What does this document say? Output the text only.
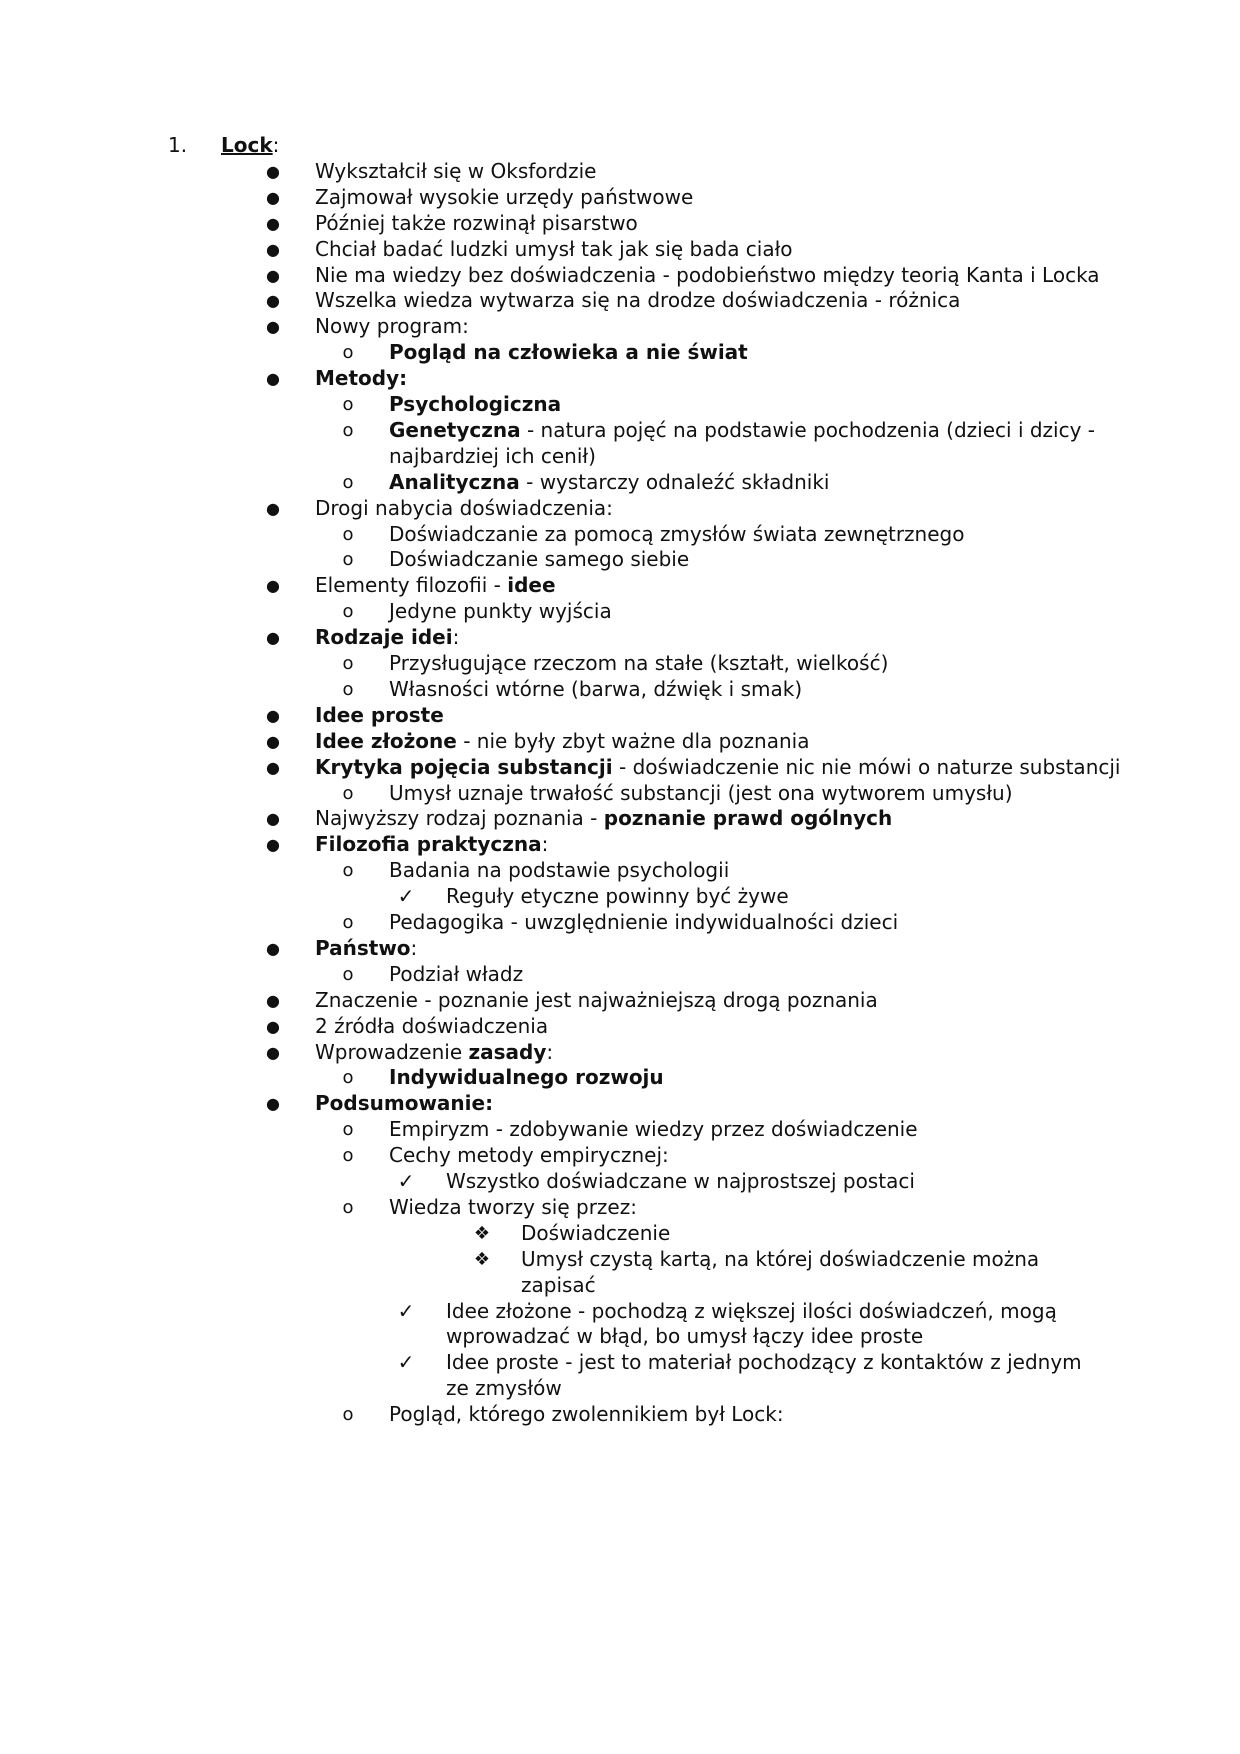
1. Lock:
● Wykształcił się w Oksfordzie
● Zajmował wysokie urzędy państwowe
● Później także rozwinął pisarstwo
● Chciał badać ludzki umysł tak jak się bada ciało
● Nie ma wiedzy bez doświadczenia - podobieństwo między teorią Kanta i Locka
● Wszelka wiedza wytwarza się na drodze doświadczenia - różnica
● Nowy program:
o Pogląd na człowieka a nie świat
● Metody:
o Psychologiczna
o Genetyczna - natura pojęć na podstawie pochodzenia (dzieci i dzicy -
najbardziej ich cenił)
o Analityczna - wystarczy odnaleźć składniki
● Drogi nabycia doświadczenia:
o Doświadczanie za pomocą zmysłów świata zewnętrznego
o Doświadczanie samego siebie
● Elementy filozofii - idee
o Jedyne punkty wyjścia
● Rodzaje idei:
o Przysługujące rzeczom na stałe (kształt, wielkość)
o Własności wtórne (barwa, dźwięk i smak)
● Idee proste
● Idee złożone - nie były zbyt ważne dla poznania
● Krytyka pojęcia substancji - doświadczenie nic nie mówi o naturze substancji
o Umysł uznaje trwałość substancji (jest ona wytworem umysłu)
● Najwyższy rodzaj poznania - poznanie prawd ogólnych
● Filozofia praktyczna:
o Badania na podstawie psychologii
✓ Reguły etyczne powinny być żywe
o Pedagogika - uwzględnienie indywidualności dzieci
● Państwo:
o Podział władz
● Znaczenie - poznanie jest najważniejszą drogą poznania
● 2 źródła doświadczenia
● Wprowadzenie zasady:
o Indywidualnego rozwoju
● Podsumowanie:
o Empiryzm - zdobywanie wiedzy przez doświadczenie
o Cechy metody empirycznej:
✓ Wszystko doświadczane w najprostszej postaci
o Wiedza tworzy się przez:
❖ Doświadczenie
❖ Umysł czystą kartą, na której doświadczenie można
zapisać
✓ Idee złożone - pochodzą z większej ilości doświadczeń, mogą
wprowadzać w błąd, bo umysł łączy idee proste
✓ Idee proste - jest to materiał pochodzący z kontaktów z jednym
ze zmysłów
o Pogląd, którego zwolennikiem był Lock:
